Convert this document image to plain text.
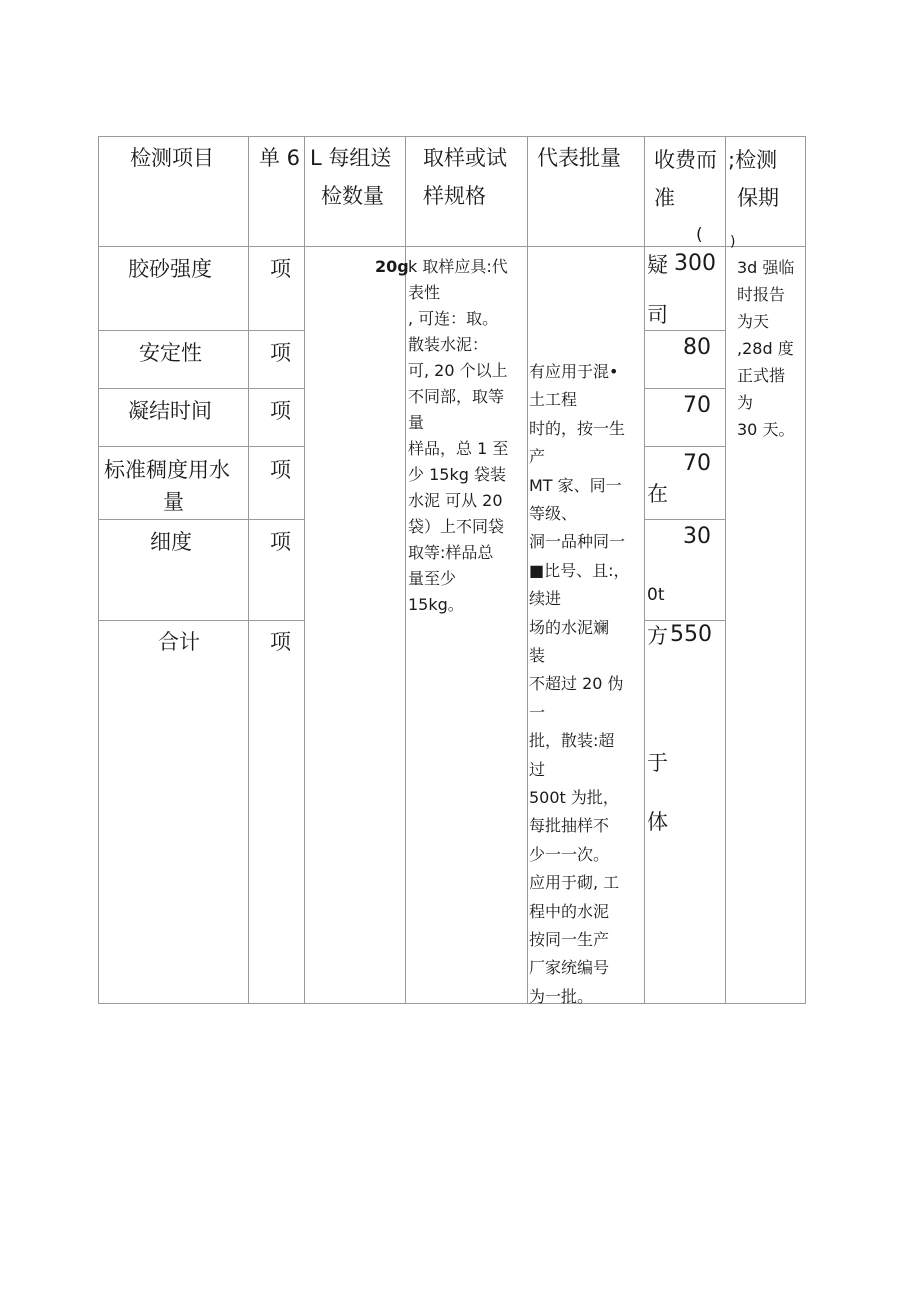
检测项目 单 6 L 每组送
检数量
取样或试
样规格
代表批量 收费而
准
(
;检测
保期
)
胶砂强度
安定性
凝结时间
标准稠度用水
量
细度
合计
项
项
项
项
项
项
20g k 取样应具:代
表性
, 可连：取。
散装水泥：
可, 20 个以上
不同部，取等
量
样品，总 1 至
少 15kg 袋装
水泥 可从 20
袋）上不同袋
取等:样品总
量至少
15kg。
有应用于混•
土工程
时的，按一生
产
MT 家、同一
等级、
洞一品种同一
■比号、且:，
续进
场的水泥斓
装
不超过 20 伪
一
批，散装:超
过
500t 为批，
每批抽样不
少一一次。
应用于砌, 工
程中的水泥
按同一生产
厂家统编号
为一批。
疑 300
司
80
70
70
在
30
0t
方 550
于
体
3d 强临
时报告
为天
,28d 度
正式揩
为
30 天。
